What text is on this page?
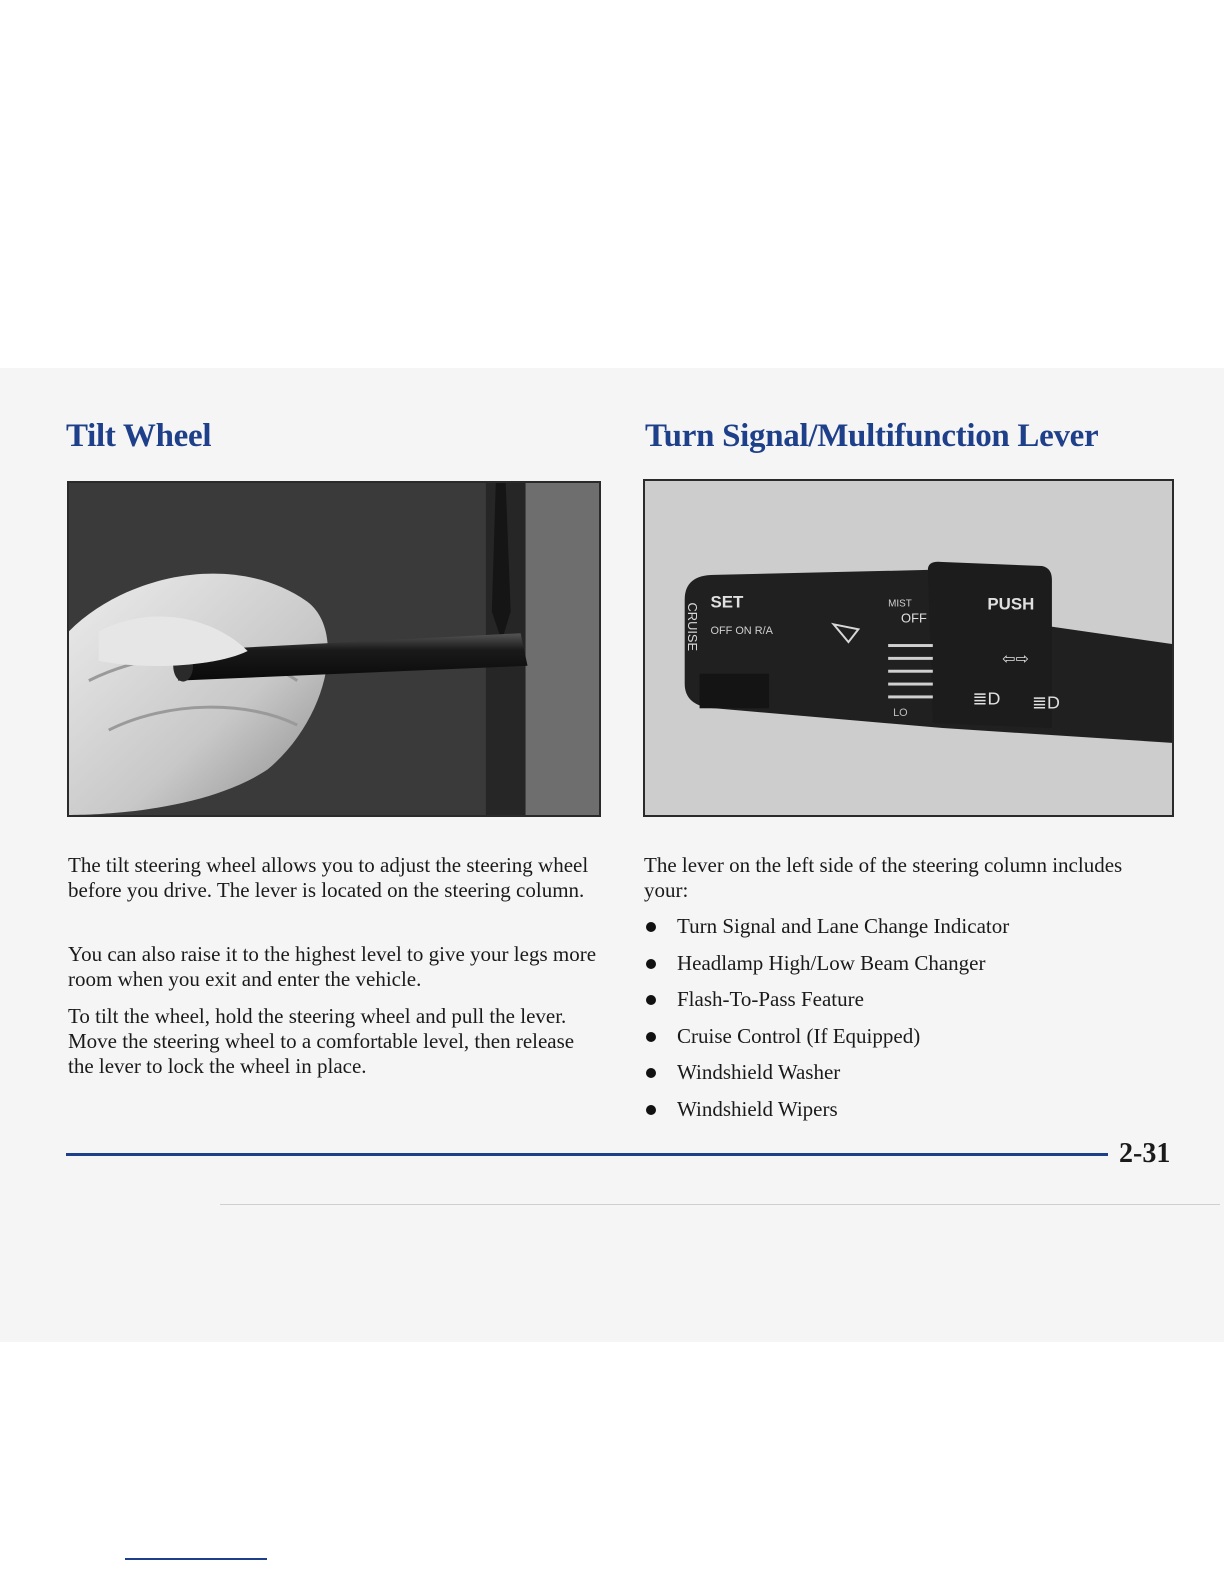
Tilt Wheel	Turn Signal/Multifunction Lever
CRUISE
SET
OFF ON R/A
MIST
OFF
PUSH
LO
⇦⇨
≣D ≣D

The tilt steering wheel allows you to adjust the steering wheel before you drive. The lever is located on the steering column.

You can also raise it to the highest level to give your legs more room when you exit and enter the vehicle.

To tilt the wheel, hold the steering wheel and pull the lever. Move the steering wheel to a comfortable level, then release the lever to lock the wheel in place.

The lever on the left side of the steering column includes your:

Turn Signal and Lane Change Indicator
Headlamp High/Low Beam Changer
Flash-To-Pass Feature
Cruise Control (If Equipped)
Windshield Washer
Windshield Wipers
2-31
